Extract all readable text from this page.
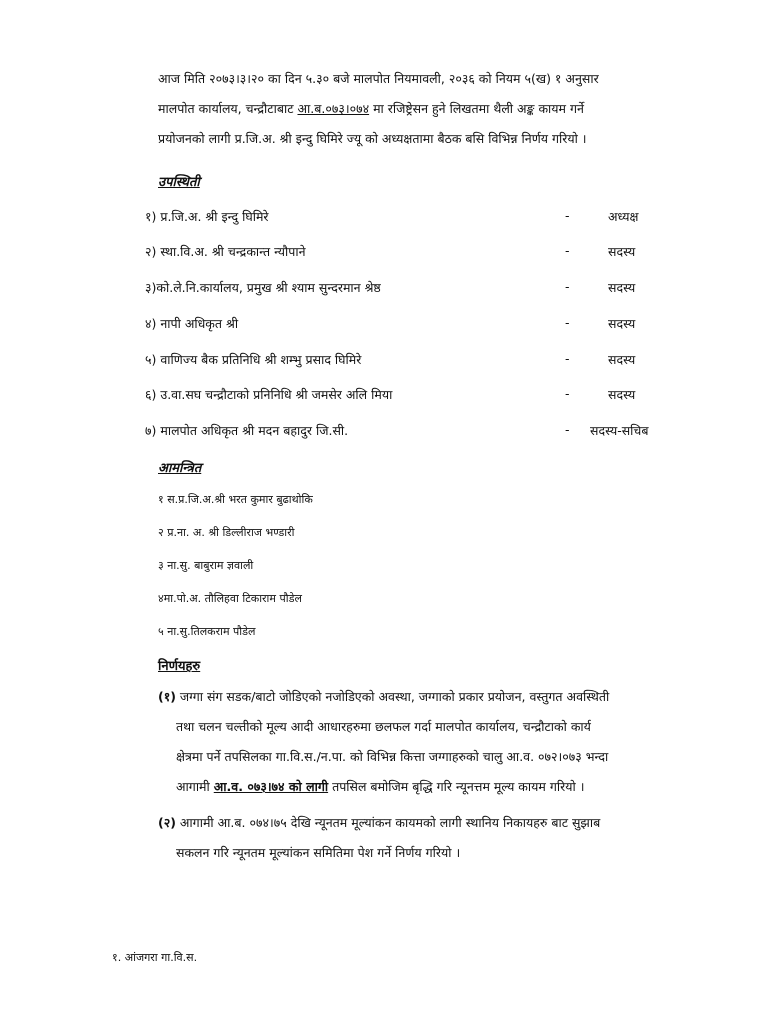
आज मिति २०७३।३।२० का दिन ५.३० बजे मालपोत नियमावली, २०३६ को नियम ५(ख) १ अनुसार
मालपोत कार्यालय, चन्द्रौटाबाट आ.ब.०७३।०७४ मा रजिष्ट्रेसन हुने लिखतमा थैली अङ्क कायम गर्ने
प्रयोजनको लागी प्र.जि.अ. श्री इन्दु घिमिरे ज्यू को अध्यक्षतामा बैठक बसि विभिन्न निर्णय गरियो ।
उपस्थिती
१) प्र.जि.अ. श्री इन्दु घिमिरे	-	अध्यक्ष
२) स्था.वि.अ. श्री चन्द्रकान्त न्यौपाने	-	सदस्य
३)को.ले.नि.कार्यालय, प्रमुख श्री श्याम सुन्दरमान श्रेष्ठ	-	सदस्य
४) नापी अधिकृत श्री	-	सदस्य
५) वाणिज्य बैक प्रतिनिधि श्री शम्भु प्रसाद घिमिरे	-	सदस्य
६) उ.वा.सघ चन्द्रौटाको प्रनिनिधि श्री जमसेर अलि मिया	-	सदस्य
७) मालपोत अधिकृत श्री मदन बहादुर जि.सी.	- सदस्य-सचिब
आमन्त्रित
१ स.प्र.जि.अ.श्री भरत कुमार बुढाथोकि
२ प्र.ना. अ. श्री डिल्लीराज भण्डारी
३ ना.सु. बाबुराम ज्ञवाली
४मा.पो.अ. तौलिहवा टिकाराम पौडेल
५ ना.सु.तिलकराम पौडेल
निर्णयहरु
(१) जग्गा संग सडक/बाटो जोडिएको नजोडिएको अवस्था, जग्गाको प्रकार प्रयोजन, वस्तुगत अवस्थिती
तथा चलन चल्तीको मूल्य आदी आधारहरुमा छलफल गर्दा मालपोत कार्यालय, चन्द्रौटाको कार्य
क्षेत्रमा पर्ने तपसिलका गा.वि.स./न.पा. को विभिन्न कित्ता जग्गाहरुको चालु आ.व. ०७२।०७३ भन्दा
आगामी आ.व. ०७३।७४ को लागी तपसिल बमोजिम बृद्धि गरि न्यूनत्तम मूल्य कायम गरियो ।
(२) आगामी आ.ब. ०७४।७५ देखि न्यूनतम मूल्यांकन कायमको लागी स्थानिय निकायहरु बाट सुझाब
सकलन गरि न्यूनतम मूल्यांकन समितिमा पेश गर्ने निर्णय गरियो ।
१. आंजगरा गा.वि.स.
